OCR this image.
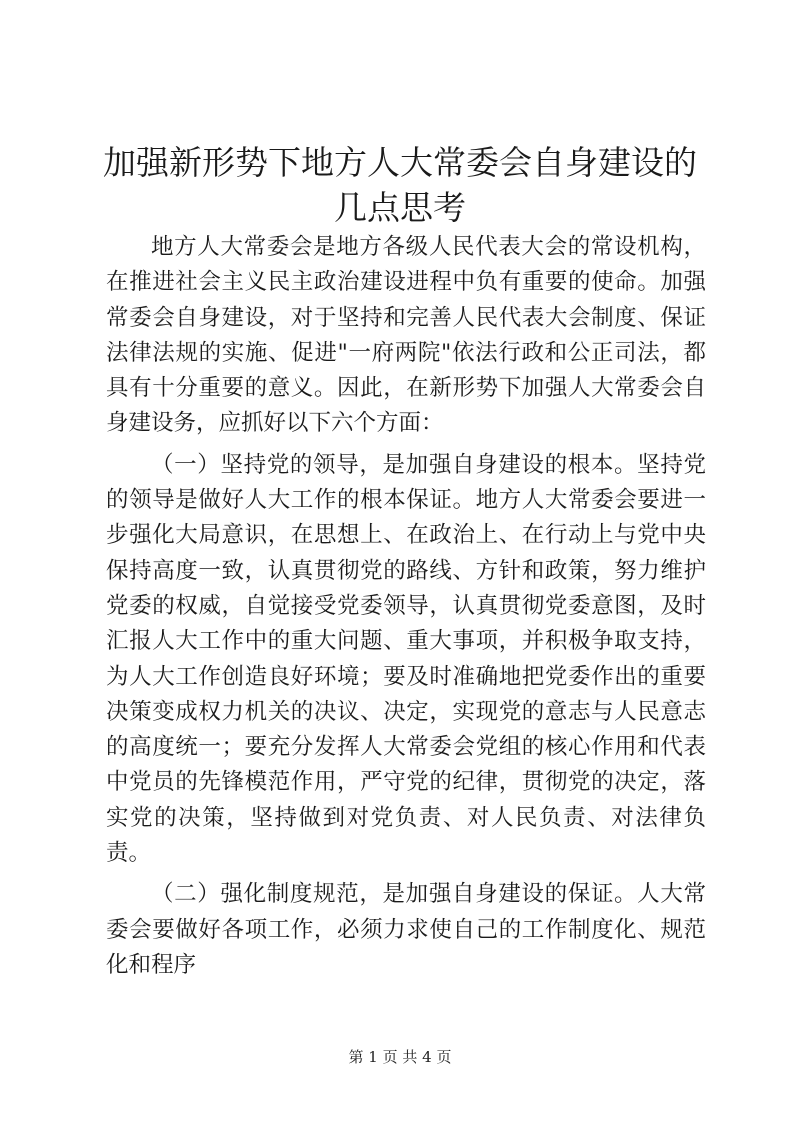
加强新形势下地方人大常委会自身建设的几点思考

地方人大常委会是地方各级人民代表大会的常设机构，在推进社会主义民主政治建设进程中负有重要的使命。加强常委会自身建设，对于坚持和完善人民代表大会制度、保证法律法规的实施、促进"一府两院"依法行政和公正司法，都具有十分重要的意义。因此，在新形势下加强人大常委会自身建设务，应抓好以下六个方面：

（一）坚持党的领导，是加强自身建设的根本。坚持党的领导是做好人大工作的根本保证。地方人大常委会要进一步强化大局意识，在思想上、在政治上、在行动上与党中央保持高度一致，认真贯彻党的路线、方针和政策，努力维护党委的权威，自觉接受党委领导，认真贯彻党委意图，及时汇报人大工作中的重大问题、重大事项，并积极争取支持，为人大工作创造良好环境；要及时准确地把党委作出的重要决策变成权力机关的决议、决定，实现党的意志与人民意志的高度统一；要充分发挥人大常委会党组的核心作用和代表中党员的先锋模范作用，严守党的纪律，贯彻党的决定，落实党的决策，坚持做到对党负责、对人民负责、对法律负责。

（二）强化制度规范，是加强自身建设的保证。人大常委会要做好各项工作，必须力求使自己的工作制度化、规范化和程序

第 1 页 共 4 页
